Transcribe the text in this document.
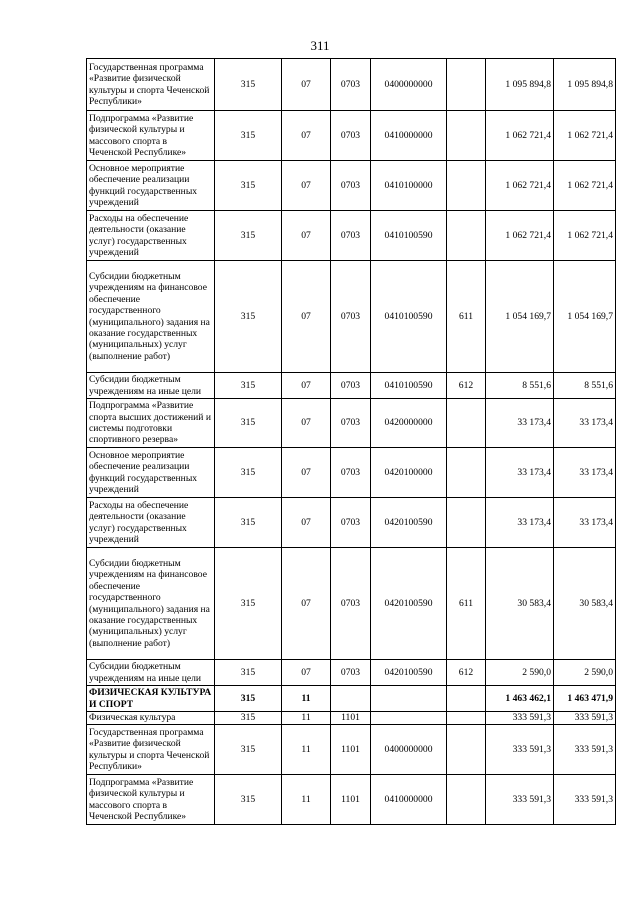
311
Государственная программа «Развитие физической культуры и спорта Чеченской Республики»	315	07	0703	0400000000		1 095 894,8	1 095 894,8
Подпрограмма «Развитие физической культуры и массового спорта в Чеченской Республике»	315	07	0703	0410000000		1 062 721,4	1 062 721,4
Основное мероприятие обеспечение реализации функций государственных учреждений	315	07	0703	0410100000		1 062 721,4	1 062 721,4
Расходы на обеспечение деятельности (оказание услуг) государственных учреждений	315	07	0703	0410100590		1 062 721,4	1 062 721,4
Субсидии бюджетным учреждениям на финансовое обеспечение государственного (муниципального) задания на оказание государственных (муниципальных) услуг (выполнение работ)	315	07	0703	0410100590	611	1 054 169,7	1 054 169,7
Субсидии бюджетным учреждениям на иные цели	315	07	0703	0410100590	612	8 551,6	8 551,6
Подпрограмма «Развитие спорта высших достижений и системы подготовки спортивного резерва»	315	07	0703	0420000000		33 173,4	33 173,4
Основное мероприятие обеспечение реализации функций государственных учреждений	315	07	0703	0420100000		33 173,4	33 173,4
Расходы на обеспечение деятельности (оказание услуг) государственных учреждений	315	07	0703	0420100590		33 173,4	33 173,4
Субсидии бюджетным учреждениям на финансовое обеспечение государственного (муниципального) задания на оказание государственных (муниципальных) услуг (выполнение работ)	315	07	0703	0420100590	611	30 583,4	30 583,4
Субсидии бюджетным учреждениям на иные цели	315	07	0703	0420100590	612	2 590,0	2 590,0
ФИЗИЧЕСКАЯ КУЛЬТУРА И СПОРТ	315	11				1 463 462,1	1 463 471,9
Физическая культура	315	11	1101			333 591,3	333 591,3
Государственная программа «Развитие физической культуры и спорта Чеченской Республики»	315	11	1101	0400000000		333 591,3	333 591,3
Подпрограмма «Развитие физической культуры и массового спорта в Чеченской Республике»	315	11	1101	0410000000		333 591,3	333 591,3
